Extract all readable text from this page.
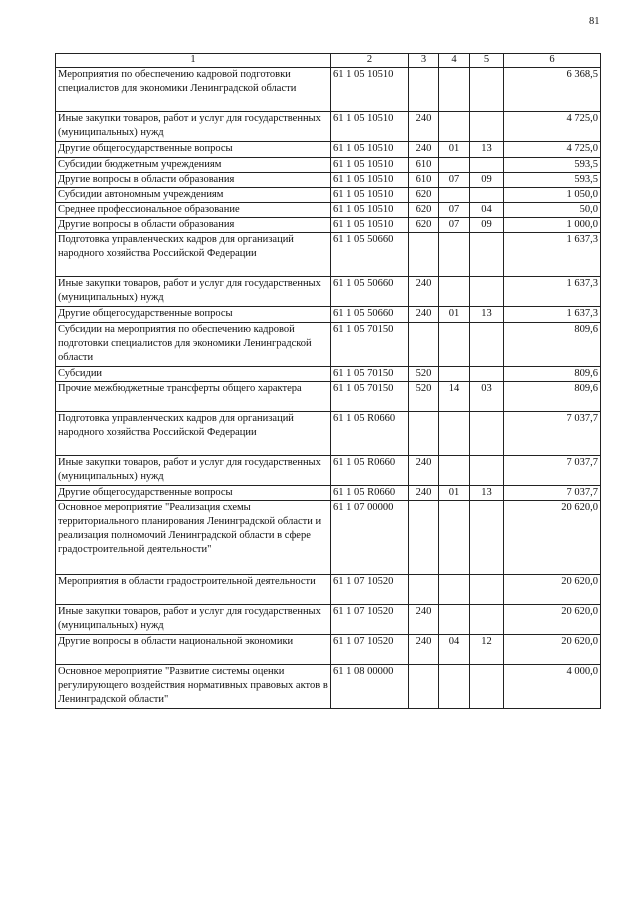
81
1	2	3	4	5	6
Мероприятия по обеспечению кадровой подготовки специалистов для экономики Ленинградской области	61 1 05 10510				6 368,5
Иные закупки товаров, работ и услуг для государственных (муниципальных) нужд	61 1 05 10510	240			4 725,0
Другие общегосударственные вопросы	61 1 05 10510	240	01	13	4 725,0
Субсидии бюджетным учреждениям	61 1 05 10510	610			593,5
Другие вопросы в области образования	61 1 05 10510	610	07	09	593,5
Субсидии автономным учреждениям	61 1 05 10510	620			1 050,0
Среднее профессиональное образование	61 1 05 10510	620	07	04	50,0
Другие вопросы в области образования	61 1 05 10510	620	07	09	1 000,0
Подготовка управленческих кадров для организаций народного хозяйства Российской Федерации	61 1 05 50660				1 637,3
Иные закупки товаров, работ и услуг для государственных (муниципальных) нужд	61 1 05 50660	240			1 637,3
Другие общегосударственные вопросы	61 1 05 50660	240	01	13	1 637,3
Субсидии на мероприятия по обеспечению кадровой подготовки специалистов для экономики Ленинградской области	61 1 05 70150				809,6
Субсидии	61 1 05 70150	520			809,6
Прочие межбюджетные трансферты общего характера	61 1 05 70150	520	14	03	809,6
Подготовка управленческих кадров для организаций народного хозяйства Российской Федерации	61 1 05 R0660				7 037,7
Иные закупки товаров, работ и услуг для государственных (муниципальных) нужд	61 1 05 R0660	240			7 037,7
Другие общегосударственные вопросы	61 1 05 R0660	240	01	13	7 037,7
Основное мероприятие "Реализация схемы территориального планирования Ленинградской области и реализация полномочий Ленинградской области в сфере градостроительной деятельности"	61 1 07 00000				20 620,0
Мероприятия в области градостроительной деятельности	61 1 07 10520				20 620,0
Иные закупки товаров, работ и услуг для государственных (муниципальных) нужд	61 1 07 10520	240			20 620,0
Другие вопросы в области национальной экономики	61 1 07 10520	240	04	12	20 620,0
Основное мероприятие "Развитие системы оценки регулирующего воздействия нормативных правовых актов в Ленинградской области"	61 1 08 00000				4 000,0
